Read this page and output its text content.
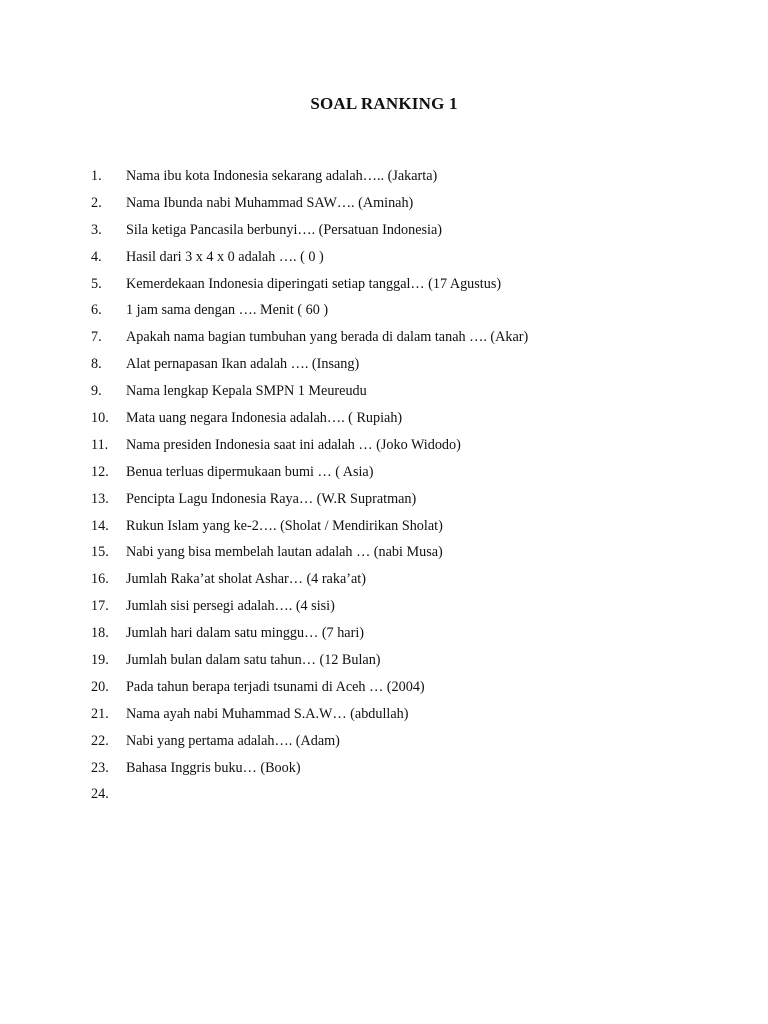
SOAL RANKING 1
1.	Nama ibu kota Indonesia sekarang adalah….. (Jakarta)
2.	Nama Ibunda nabi Muhammad SAW…. (Aminah)
3.	Sila ketiga Pancasila berbunyi…. (Persatuan Indonesia)
4.	Hasil dari 3 x 4 x 0 adalah …. ( 0 )
5.	Kemerdekaan Indonesia diperingati setiap tanggal… (17 Agustus)
6.	1 jam sama dengan …. Menit ( 60 )
7.	Apakah nama bagian tumbuhan yang berada di dalam tanah …. (Akar)
8.	Alat pernapasan Ikan adalah …. (Insang)
9.	Nama lengkap Kepala SMPN 1 Meureudu
10.	Mata uang negara Indonesia adalah…. ( Rupiah)
11.	Nama presiden Indonesia saat ini adalah … (Joko Widodo)
12.	Benua terluas dipermukaan bumi … ( Asia)
13.	Pencipta Lagu Indonesia Raya… (W.R Supratman)
14.	Rukun Islam yang ke-2…. (Sholat / Mendirikan Sholat)
15.	Nabi yang bisa membelah lautan adalah … (nabi Musa)
16.	Jumlah Raka’at sholat Ashar… (4 raka’at)
17.	Jumlah sisi persegi adalah…. (4 sisi)
18.	Jumlah hari dalam satu minggu… (7 hari)
19.	Jumlah bulan dalam satu tahun… (12 Bulan)
20.	Pada tahun berapa terjadi tsunami di Aceh … (2004)
21.	Nama ayah nabi Muhammad S.A.W… (abdullah)
22.	Nabi yang pertama adalah…. (Adam)
23.	Bahasa Inggris buku… (Book)
24.
